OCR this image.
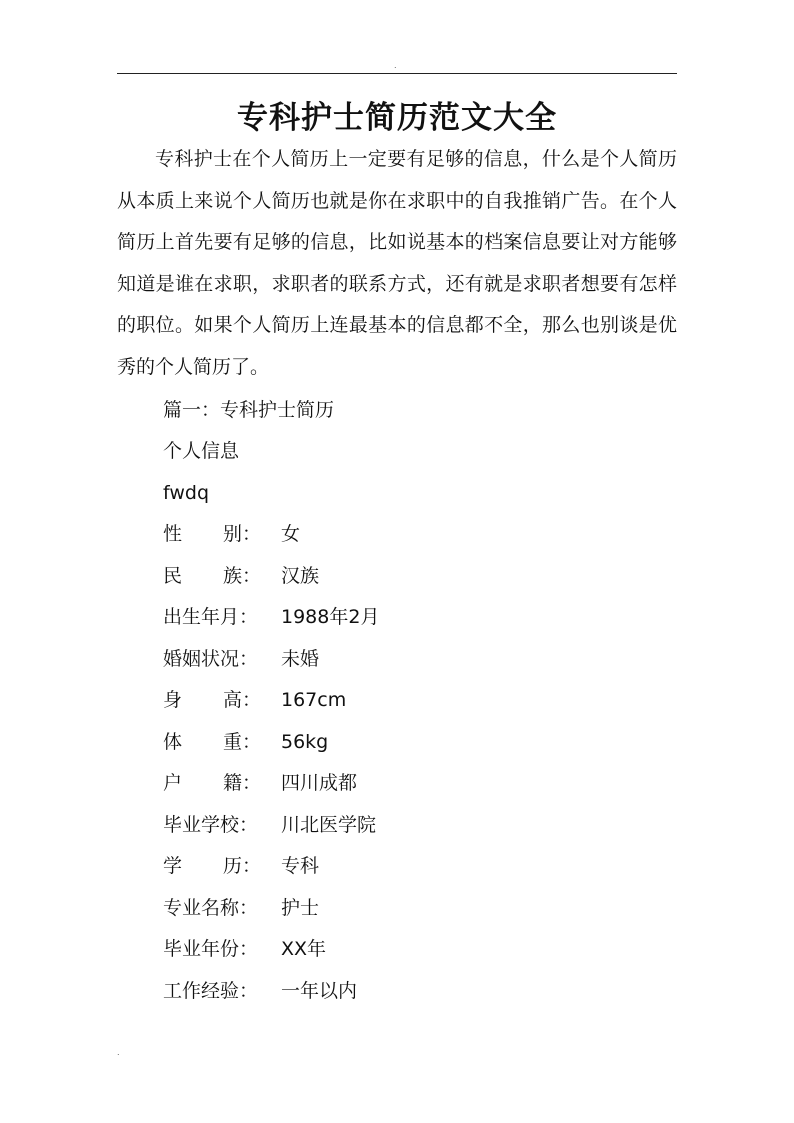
.
专科护士简历范文大全

专科护士在个人简历上一定要有足够的信息，什么是个人简历从本质上来说个人简历也就是你在求职中的自我推销广告。在个人简历上首先要有足够的信息，比如说基本的档案信息要让对方能够知道是谁在求职，求职者的联系方式，还有就是求职者想要有怎样的职位。如果个人简历上连最基本的信息都不全，那么也别谈是优秀的个人简历了。

篇一：专科护士简历
个人信息
fwdq
性 别： 女
民 族： 汉族
出生年月： 1988年2月
婚姻状况： 未婚
身 高： 167cm
体 重： 56kg
户 籍： 四川成都
毕业学校： 川北医学院
学 历： 专科
专业名称： 护士
毕业年份： XX年
工作经验： 一年以内
.
